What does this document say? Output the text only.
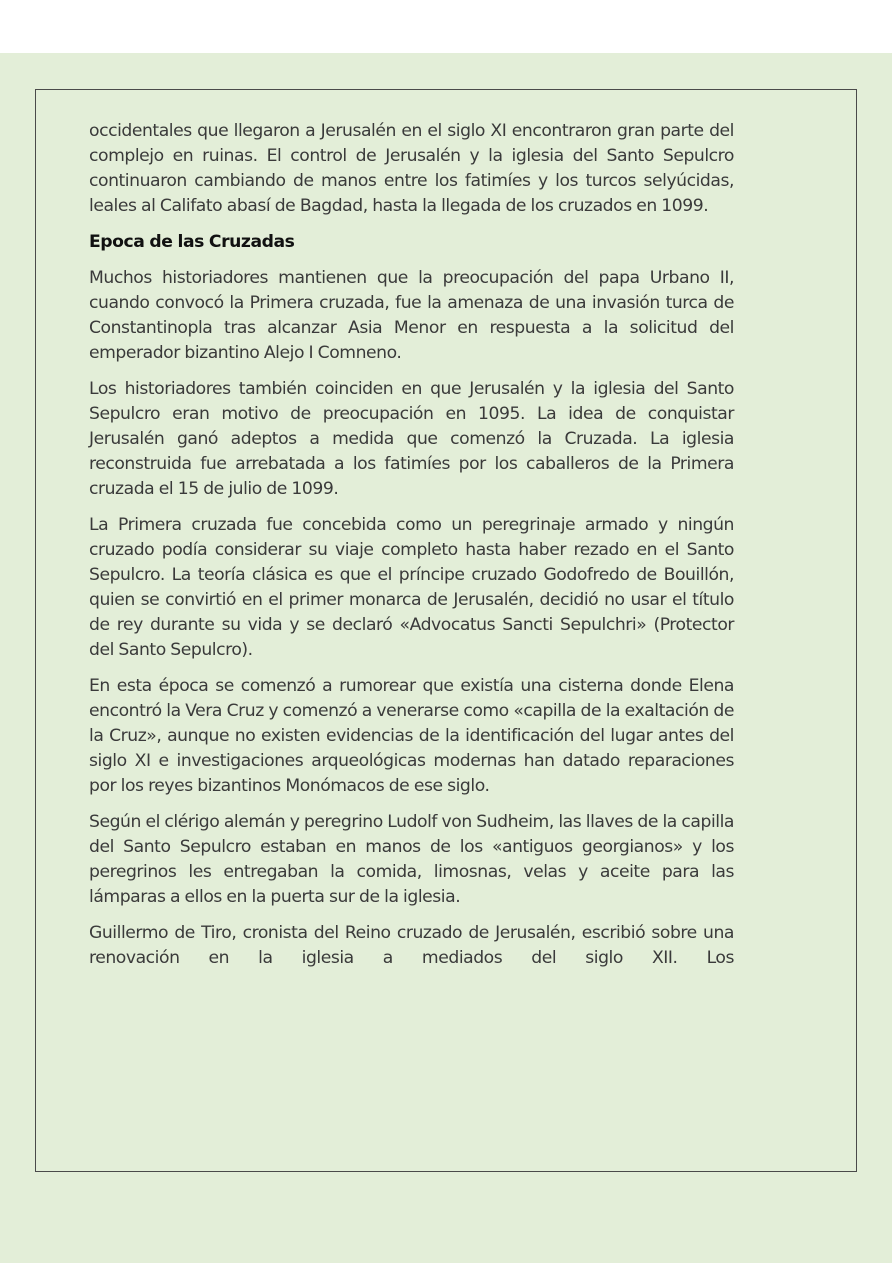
occidentales que llegaron a Jerusalén en el siglo XI encontraron gran parte del complejo en ruinas. El control de Jerusalén y la iglesia del Santo Sepulcro continuaron cambiando de manos entre los fatimíes y los turcos selyúcidas, leales al Califato abasí de Bagdad, hasta la llegada de los cruzados en 1099.

Epoca de las Cruzadas

Muchos historiadores mantienen que la preocupación del papa Urbano II, cuando convocó la Primera cruzada, fue la amenaza de una invasión turca de Constantinopla tras alcanzar Asia Menor en respuesta a la solicitud del emperador bizantino Alejo I Comneno.

Los historiadores también coinciden en que Jerusalén y la iglesia del Santo Sepulcro eran motivo de preocupación en 1095. La idea de conquistar Jerusalén ganó adeptos a medida que comenzó la Cruzada. La iglesia reconstruida fue arrebatada a los fatimíes por los caballeros de la Primera cruzada el 15 de julio de 1099.

La Primera cruzada fue concebida como un peregrinaje armado y ningún cruzado podía considerar su viaje completo hasta haber rezado en el Santo Sepulcro. La teoría clásica es que el príncipe cruzado Godofredo de Bouillón, quien se convirtió en el primer monarca de Jerusalén, decidió no usar el título de rey durante su vida y se declaró «Advocatus Sancti Sepulchri» (Protector del Santo Sepulcro).

En esta época se comenzó a rumorear que existía una cisterna donde Elena encontró la Vera Cruz y comenzó a venerarse como «capilla de la exaltación de la Cruz», aunque no existen evidencias de la identificación del lugar antes del siglo XI e investigaciones arqueológicas modernas han datado reparaciones por los reyes bizantinos Monómacos de ese siglo.

Según el clérigo alemán y peregrino Ludolf von Sudheim, las llaves de la capilla del Santo Sepulcro estaban en manos de los «antiguos georgianos» y los peregrinos les entregaban la comida, limosnas, velas y aceite para las lámparas a ellos en la puerta sur de la iglesia.

Guillermo de Tiro, cronista del Reino cruzado de Jerusalén, escribió sobre una renovación en la iglesia a mediados del siglo XII. Los
